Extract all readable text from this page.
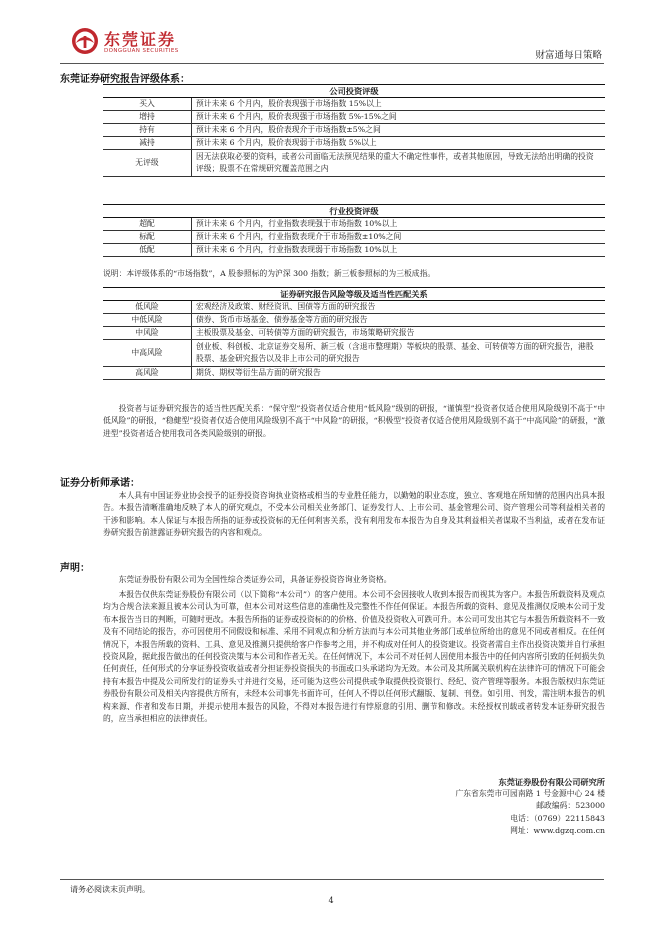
东莞证券
DONGGUAN SECURITIES	财富通每日策略
东莞证券研究报告评级体系：
公司投资评级	
买入	预计未来 6 个月内，股价表现强于市场指数 15%以上
增持	预计未来 6 个月内，股价表现强于市场指数 5%-15%之间
持有	预计未来 6 个月内，股价表现介于市场指数±5%之间
减持	预计未来 6 个月内，股价表现弱于市场指数 5%以上
无评级	因无法获取必要的资料，或者公司面临无法预见结果的重大不确定性事件，或者其他原因，导致无法给出明确的投资评级；股票不在常规研究覆盖范围之内
行业投资评级	
超配	预计未来 6 个月内，行业指数表现强于市场指数 10%以上
标配	预计未来 6 个月内，行业指数表现介于市场指数±10%之间
低配	预计未来 6 个月内，行业指数表现弱于市场指数 10%以上
说明：本评级体系的“市场指数”，A 股参照标的为沪深 300 指数；新三板参照标的为三板成指。
证券研究报告风险等级及适当性匹配关系	
低风险	宏观经济及政策、财经资讯、国债等方面的研究报告
中低风险	债券、货币市场基金、债券基金等方面的研究报告
中风险	主板股票及基金、可转债等方面的研究报告，市场策略研究报告
中高风险	创业板、科创板、北京证券交易所、新三板（含退市整理期）等板块的股票、基金、可转债等方面的研究报告，港股股票、基金研究报告以及非上市公司的研究报告
高风险	期货、期权等衍生品方面的研究报告

投资者与证券研究报告的适当性匹配关系：“保守型”投资者仅适合使用“低风险”级别的研报，“谨慎型”投资者仅适合使用风险级别不高于“中低风险”的研报，“稳健型”投资者仅适合使用风险级别不高于“中风险”的研报，“积极型”投资者仅适合使用风险级别不高于“中高风险”的研报，“激进型”投资者适合使用我司各类风险级别的研报。

证券分析师承诺：

本人具有中国证券业协会授予的证券投资咨询执业资格或相当的专业胜任能力，以勤勉的职业态度，独立、客观地在所知情的范围内出具本报告。本报告清晰准确地反映了本人的研究观点，不受本公司相关业务部门、证券发行人、上市公司、基金管理公司、资产管理公司等利益相关者的干涉和影响。本人保证与本报告所指的证券或投资标的无任何利害关系，没有利用发布本报告为自身及其利益相关者谋取不当利益，或者在发布证券研究报告前泄露证券研究报告的内容和观点。

声明：

东莞证券股份有限公司为全国性综合类证券公司，具备证券投资咨询业务资格。

本报告仅供东莞证券股份有限公司（以下简称“本公司”）的客户使用。本公司不会因接收人收到本报告而视其为客户。本报告所载资料及观点均为合规合法来源且被本公司认为可靠，但本公司对这些信息的准确性及完整性不作任何保证。本报告所载的资料、意见及推测仅反映本公司于发布本报告当日的判断，可随时更改。本报告所指的证券或投资标的的价格、价值及投资收入可跌可升。本公司可发出其它与本报告所载资料不一致及有不同结论的报告，亦可因使用不同假设和标准、采用不同观点和分析方法而与本公司其他业务部门或单位所给出的意见不同或者相反。在任何情况下，本报告所载的资料、工具、意见及推测只提供给客户作参考之用，并不构成对任何人的投资建议。投资者需自主作出投资决策并自行承担投资风险，据此报告做出的任何投资决策与本公司和作者无关。在任何情况下，本公司不对任何人因使用本报告中的任何内容所引致的任何损失负任何责任，任何形式的分享证券投资收益或者分担证券投资损失的书面或口头承诺均为无效。本公司及其所属关联机构在法律许可的情况下可能会持有本报告中提及公司所发行的证券头寸并进行交易，还可能为这些公司提供或争取提供投资银行、经纪、资产管理等服务。本报告版权归东莞证券股份有限公司及相关内容提供方所有，未经本公司事先书面许可，任何人不得以任何形式翻版、复制、刊登。如引用、刊发，需注明本报告的机构来源、作者和发布日期，并提示使用本报告的风险，不得对本报告进行有悖原意的引用、删节和修改。未经授权刊载或者转发本证券研究报告的，应当承担相应的法律责任。

东莞证券股份有限公司研究所
广东省东莞市可园南路 1 号金源中心 24 楼
邮政编码：523000
电话：（0769）22115843
网址：www.dgzq.com.cn
请务必阅读末页声明。
4
